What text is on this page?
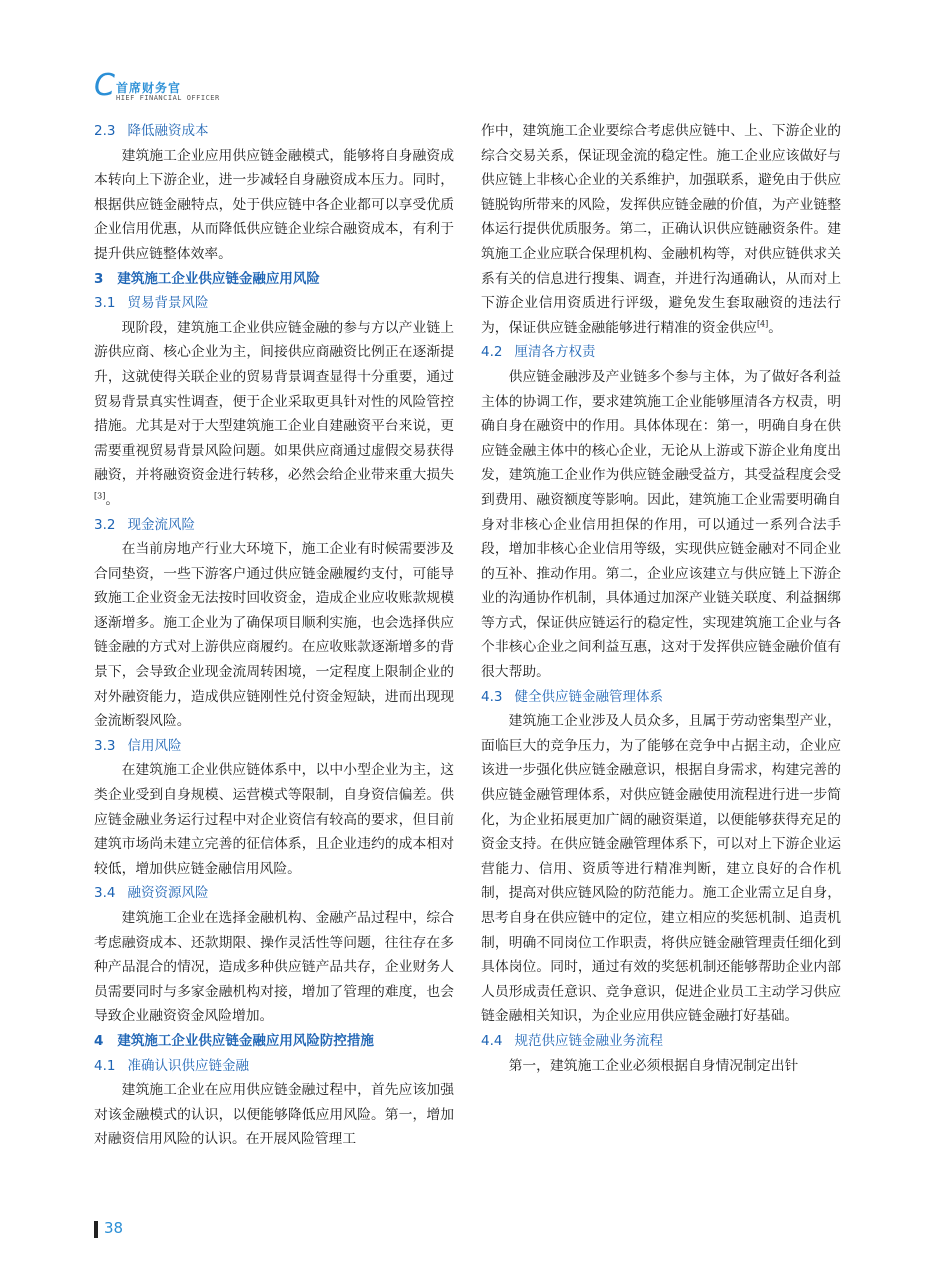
C 首席财务官
HIEF FINANCIAL OFFICER
2.3 降低融资成本

建筑施工企业应用供应链金融模式，能够将自身融资成本转向上下游企业，进一步减轻自身融资成本压力。同时，根据供应链金融特点，处于供应链中各企业都可以享受优质企业信用优惠，从而降低供应链企业综合融资成本，有利于提升供应链整体效率。

3 建筑施工企业供应链金融应用风险
3.1 贸易背景风险

现阶段，建筑施工企业供应链金融的参与方以产业链上游供应商、核心企业为主，间接供应商融资比例正在逐渐提升，这就使得关联企业的贸易背景调查显得十分重要，通过贸易背景真实性调查，便于企业采取更具针对性的风险管控措施。尤其是对于大型建筑施工企业自建融资平台来说，更需要重视贸易背景风险问题。如果供应商通过虚假交易获得融资，并将融资资金进行转移，必然会给企业带来重大损失[3]。

3.2 现金流风险

在当前房地产行业大环境下，施工企业有时候需要涉及合同垫资，一些下游客户通过供应链金融履约支付，可能导致施工企业资金无法按时回收资金，造成企业应收账款规模逐渐增多。施工企业为了确保项目顺利实施，也会选择供应链金融的方式对上游供应商履约。在应收账款逐渐增多的背景下，会导致企业现金流周转困境，一定程度上限制企业的对外融资能力，造成供应链刚性兑付资金短缺，进而出现现金流断裂风险。

3.3 信用风险

在建筑施工企业供应链体系中，以中小型企业为主，这类企业受到自身规模、运营模式等限制，自身资信偏差。供应链金融业务运行过程中对企业资信有较高的要求，但目前建筑市场尚未建立完善的征信体系，且企业违约的成本相对较低，增加供应链金融信用风险。

3.4 融资资源风险

建筑施工企业在选择金融机构、金融产品过程中，综合考虑融资成本、还款期限、操作灵活性等问题，往往存在多种产品混合的情况，造成多种供应链产品共存，企业财务人员需要同时与多家金融机构对接，增加了管理的难度，也会导致企业融资资金风险增加。

4 建筑施工企业供应链金融应用风险防控措施
4.1 准确认识供应链金融

建筑施工企业在应用供应链金融过程中，首先应该加强对该金融模式的认识，以便能够降低应用风险。第一，增加对融资信用风险的认识。在开展风险管理工

作中，建筑施工企业要综合考虑供应链中、上、下游企业的综合交易关系，保证现金流的稳定性。施工企业应该做好与供应链上非核心企业的关系维护，加强联系，避免由于供应链脱钩所带来的风险，发挥供应链金融的价值，为产业链整体运行提供优质服务。第二，正确认识供应链融资条件。建筑施工企业应联合保理机构、金融机构等，对供应链供求关系有关的信息进行搜集、调查，并进行沟通确认，从而对上下游企业信用资质进行评级，避免发生套取融资的违法行为，保证供应链金融能够进行精准的资金供应[4]。

4.2 厘清各方权责

供应链金融涉及产业链多个参与主体，为了做好各利益主体的协调工作，要求建筑施工企业能够厘清各方权责，明确自身在融资中的作用。具体体现在：第一，明确自身在供应链金融主体中的核心企业，无论从上游或下游企业角度出发，建筑施工企业作为供应链金融受益方，其受益程度会受到费用、融资额度等影响。因此，建筑施工企业需要明确自身对非核心企业信用担保的作用，可以通过一系列合法手段，增加非核心企业信用等级，实现供应链金融对不同企业的互补、推动作用。第二，企业应该建立与供应链上下游企业的沟通协作机制，具体通过加深产业链关联度、利益捆绑等方式，保证供应链运行的稳定性，实现建筑施工企业与各个非核心企业之间利益互惠，这对于发挥供应链金融价值有很大帮助。

4.3 健全供应链金融管理体系

建筑施工企业涉及人员众多，且属于劳动密集型产业，面临巨大的竞争压力，为了能够在竞争中占据主动，企业应该进一步强化供应链金融意识，根据自身需求，构建完善的供应链金融管理体系，对供应链金融使用流程进行进一步简化，为企业拓展更加广阔的融资渠道，以便能够获得充足的资金支持。在供应链金融管理体系下，可以对上下游企业运营能力、信用、资质等进行精准判断，建立良好的合作机制，提高对供应链风险的防范能力。施工企业需立足自身，思考自身在供应链中的定位，建立相应的奖惩机制、追责机制，明确不同岗位工作职责，将供应链金融管理责任细化到具体岗位。同时，通过有效的奖惩机制还能够帮助企业内部人员形成责任意识、竞争意识，促进企业员工主动学习供应链金融相关知识，为企业应用供应链金融打好基础。

4.4 规范供应链金融业务流程

第一，建筑施工企业必须根据自身情况制定出针

38
